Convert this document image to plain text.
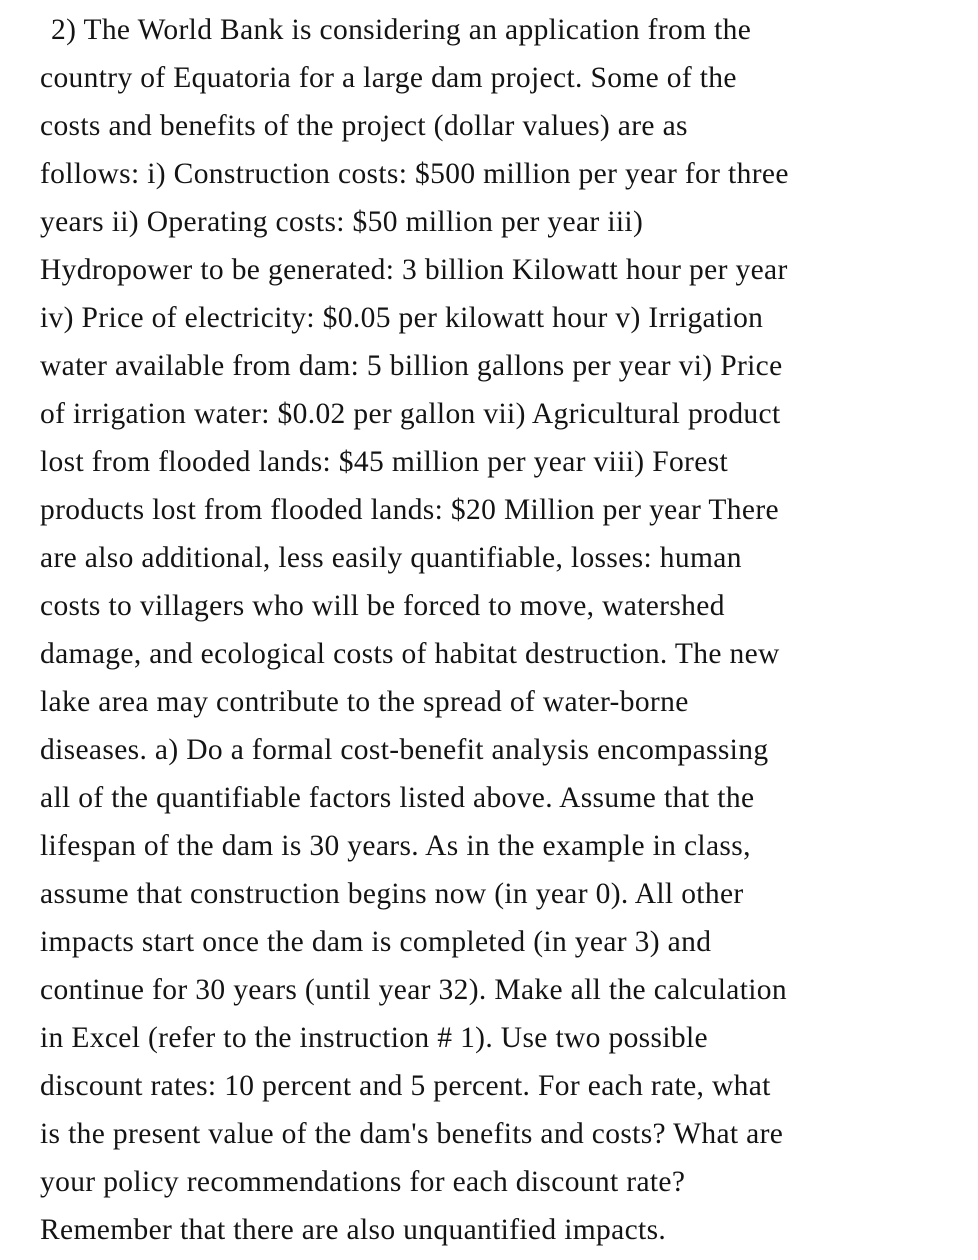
2) The World Bank is considering an application from the
country of Equatoria for a large dam project. Some of the
costs and benefits of the project (dollar values) are as
follows: i) Construction costs: $500 million per year for three
years ii) Operating costs: $50 million per year iii)
Hydropower to be generated: 3 billion Kilowatt hour per year
iv) Price of electricity: $0.05 per kilowatt hour v) Irrigation
water available from dam: 5 billion gallons per year vi) Price
of irrigation water: $0.02 per gallon vii) Agricultural product
lost from flooded lands: $45 million per year viii) Forest
products lost from flooded lands: $20 Million per year There
are also additional, less easily quantifiable, losses: human
costs to villagers who will be forced to move, watershed
damage, and ecological costs of habitat destruction. The new
lake area may contribute to the spread of water-borne
diseases. a) Do a formal cost-benefit analysis encompassing
all of the quantifiable factors listed above. Assume that the
lifespan of the dam is 30 years. As in the example in class,
assume that construction begins now (in year 0). All other
impacts start once the dam is completed (in year 3) and
continue for 30 years (until year 32). Make all the calculation
in Excel (refer to the instruction # 1). Use two possible
discount rates: 10 percent and 5 percent. For each rate, what
is the present value of the dam's benefits and costs? What are
your policy recommendations for each discount rate?
Remember that there are also unquantified impacts.
